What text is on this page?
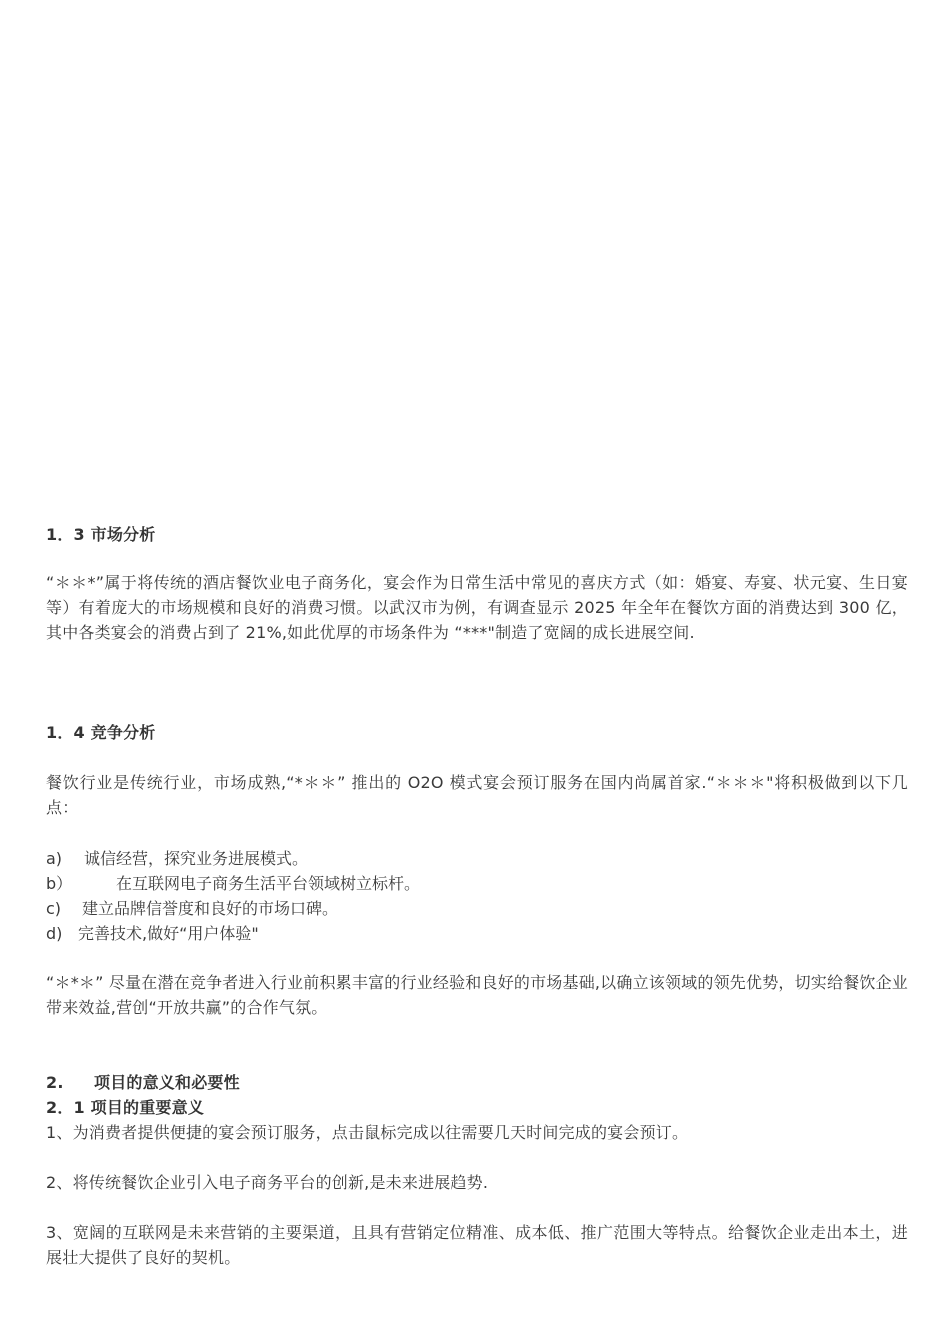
1．3 市场分析
“＊＊*”属于将传统的酒店餐饮业电子商务化，宴会作为日常生活中常见的喜庆方式（如：婚宴、寿宴、状元宴、生日宴等）有着庞大的市场规模和良好的消费习惯。以武汉市为例，有调查显示 2025 年全年在餐饮方面的消费达到 300 亿，其中各类宴会的消费占到了 21%,如此优厚的市场条件为 “***"制造了宽阔的成长进展空间.
1．4 竞争分析
餐饮行业是传统行业，市场成熟,“*＊＊” 推出的 O2O 模式宴会预订服务在国内尚属首家.“＊＊＊"将积极做到以下几点：
a) 诚信经营，探究业务进展模式。
b）	在互联网电子商务生活平台领域树立标杆。
c) 建立品牌信誉度和良好的市场口碑。
d) 完善技术,做好“用户体验"
“＊*＊” 尽量在潜在竞争者进入行业前积累丰富的行业经验和良好的市场基础,以确立该领域的领先优势，切实给餐饮企业带来效益,营创“开放共赢”的合作气氛。
2. 项目的意义和必要性
2．1 项目的重要意义
1、为消费者提供便捷的宴会预订服务，点击鼠标完成以往需要几天时间完成的宴会预订。
2、将传统餐饮企业引入电子商务平台的创新,是未来进展趋势.
3、宽阔的互联网是未来营销的主要渠道，且具有营销定位精准、成本低、推广范围大等特点。给餐饮企业走出本土，进展壮大提供了良好的契机。
